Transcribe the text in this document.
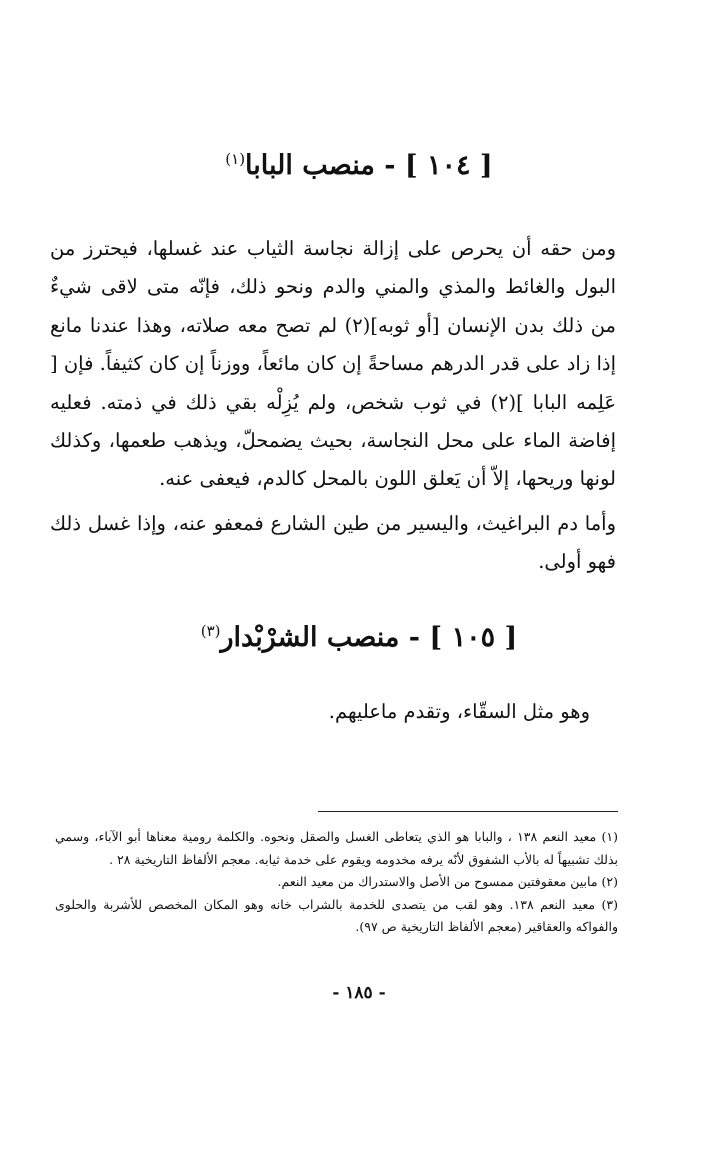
[ ١٠٤ ] - منصب البابا$^{(١)}$

ومن حقه أن يحرص على إزالة نجاسة الثياب عند غسلها، فيحترز من البول والغائط والمذي والمني والدم ونحو ذلك، فإنّه متى لاقى شيءٌ من ذلك بدن الإنسان [أو ثوبه](٢) لم تصح معه صلاته، وهذا عندنا مانع إذا زاد على قدر الدرهم مساحةً إن كان مائعاً، ووزناً إن كان كثيفاً. فإن [ عَلِمه البابا ](٢) في ثوب شخص، ولم يُزِلْه بقي ذلك في ذمته. فعليه إفاضة الماء على محل النجاسة، بحيث يضمحلّ، ويذهب طعمها، وكذلك لونها وريحها، إلاّ أن يَعلق اللون بالمحل كالدم، فيعفى عنه.

وأما دم البراغيث، واليسير من طين الشارع فمعفو عنه، وإذا غسل ذلك فهو أولى.

[ ١٠٥ ] - منصب الشرْبْدار$^{(٣)}$

وهو مثل السقّاء، وتقدم ماعليهم.

(١) معيد النعم ١٣٨ ، والبابا هو الذي يتعاطى الغسل والصقل ونحوه. والكلمة رومية معناها أبو الآباء، وسمي بذلك تشبيهاً له بالأب الشفوق لأنّه يرفه مخدومه ويقوم على خدمة ثيابه. معجم الألفاظ التاريخية ٢٨ .

(٢) مابين معقوفتين ممسوح من الأصل والاستدراك من معيد النعم.

(٣) معيد النعم ١٣٨. وهو لقب من يتصدى للخدمة بالشراب خانه وهو المكان المخصص للأشربة والحلوى والفواكه والعقاقير (معجم الألفاظ التاريخية ص ٩٧).

- ١٨٥ -
